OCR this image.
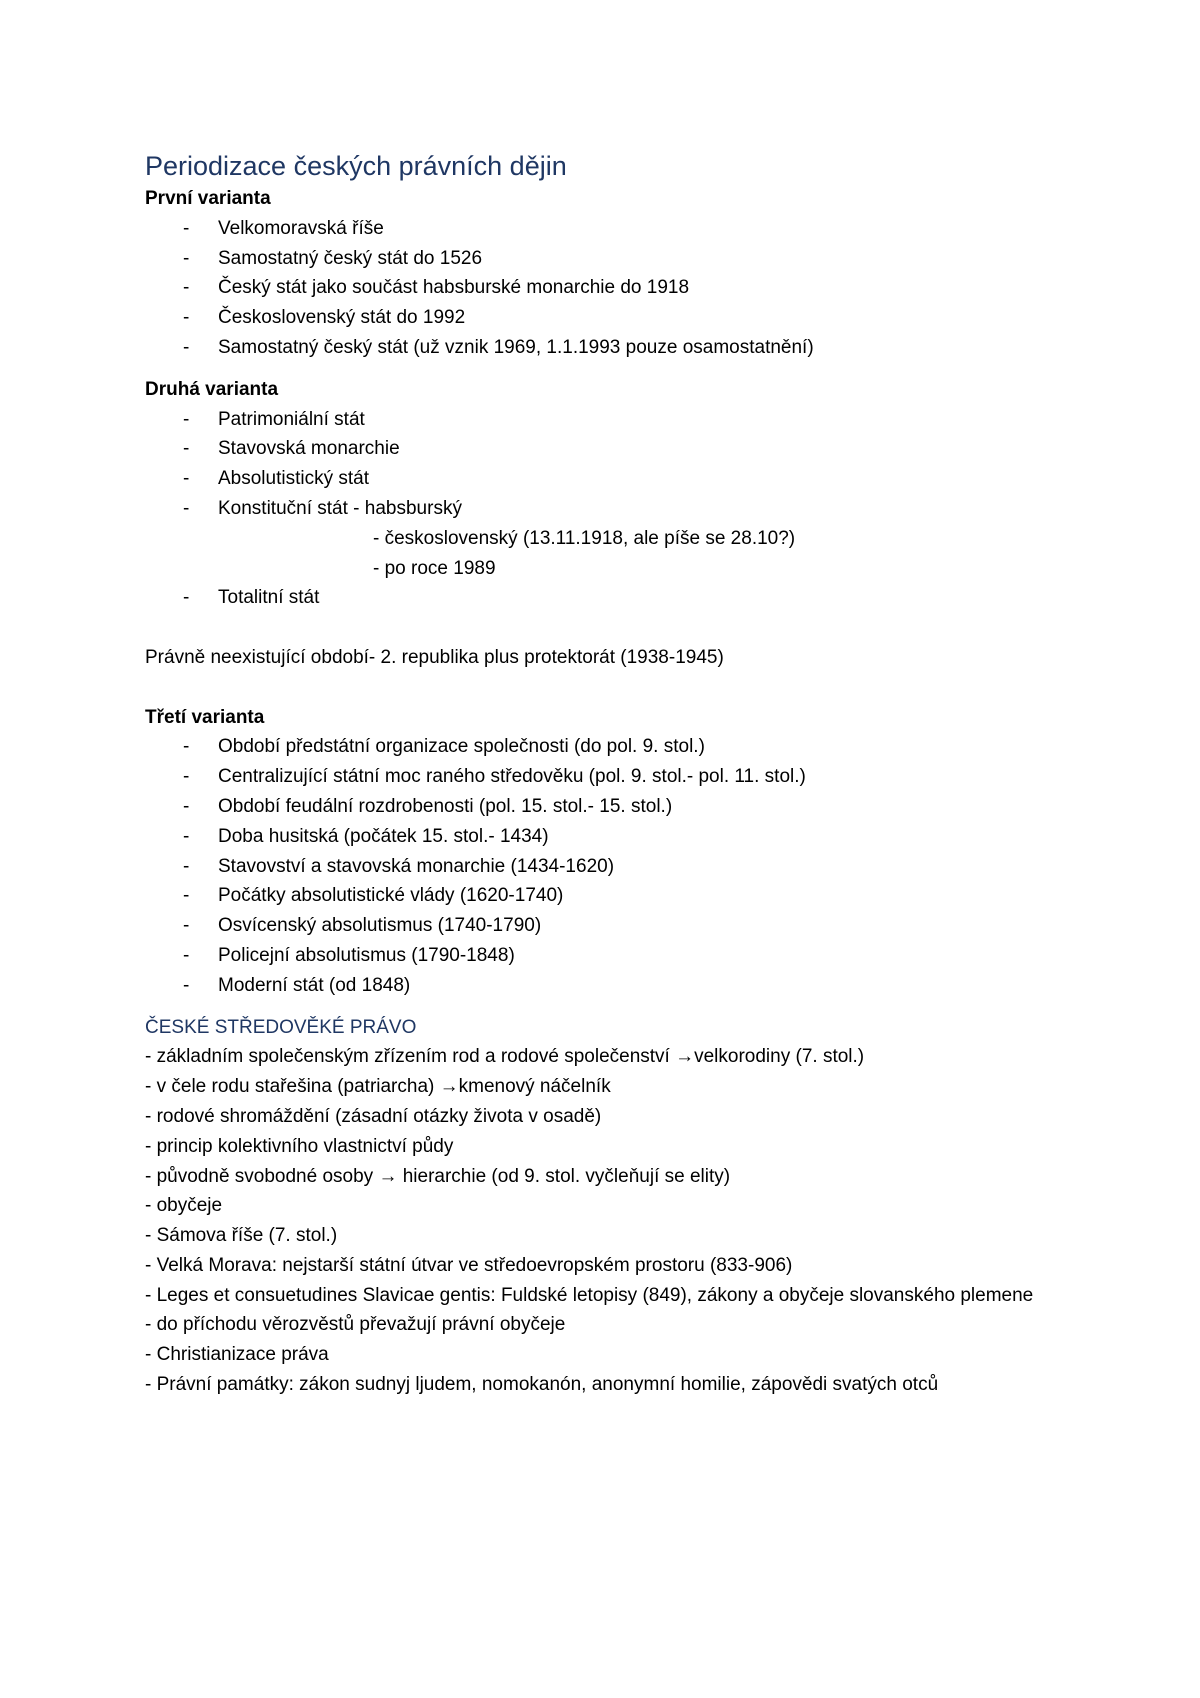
Periodizace českých právních dějin
První varianta
- Velkomoravská říše
- Samostatný český stát do 1526
- Český stát jako součást habsburské monarchie do 1918
- Československý stát do 1992
- Samostatný český stát (už vznik 1969, 1.1.1993 pouze osamostatnění)
Druhá varianta
- Patrimoniální stát
- Stavovská monarchie
- Absolutistický stát
- Konstituční stát - habsburský
- československý (13.11.1918, ale píše se 28.10?)
- po roce 1989
- Totalitní stát
Právně neexistující období- 2. republika plus protektorát (1938-1945)
Třetí varianta
- Období předstátní organizace společnosti (do pol. 9. stol.)
- Centralizující státní moc raného středověku (pol. 9. stol.- pol. 11. stol.)
- Období feudální rozdrobenosti (pol. 15. stol.- 15. stol.)
- Doba husitská (počátek 15. stol.- 1434)
- Stavovství a stavovská monarchie (1434-1620)
- Počátky absolutistické vlády (1620-1740)
- Osvícenský absolutismus (1740-1790)
- Policejní absolutismus (1790-1848)
- Moderní stát (od 1848)
ČESKÉ STŘEDOVĚKÉ PRÁVO
- základním společenským zřízením rod a rodové společenství →velkorodiny (7. stol.)
- v čele rodu stařešina (patriarcha) →kmenový náčelník
- rodové shromáždění (zásadní otázky života v osadě)
- princip kolektivního vlastnictví půdy
- původně svobodné osoby → hierarchie (od 9. stol. vyčleňují se elity)
- obyčeje
- Sámova říše (7. stol.)
- Velká Morava: nejstarší státní útvar ve středoevropském prostoru (833-906)
- Leges et consuetudines Slavicae gentis: Fuldské letopisy (849), zákony a obyčeje slovanského plemene
- do příchodu věrozvěstů převažují právní obyčeje
- Christianizace práva
- Právní památky: zákon sudnyj ljudem, nomokanón, anonymní homilie, zápovědi svatých otců
